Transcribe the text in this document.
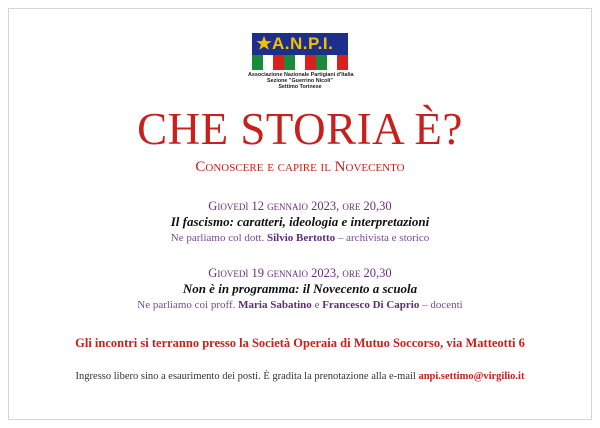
A.N.P.I.
Associazione Nazionale Partigiani d'Italia
Sezione "Guerrino Nicoli"
Settimo Torinese
CHE STORIA È?
Conoscere e capire il Novecento
Giovedì 12 gennaio 2023, ore 20,30
Il fascismo: caratteri, ideologia e interpretazioni
Ne parliamo col dott. Silvio Bertotto – archivista e storico
Giovedì 19 gennaio 2023, ore 20,30
Non è in programma: il Novecento a scuola
Ne parliamo coi proff. Maria Sabatino e Francesco Di Caprio – docenti
Gli incontri si terranno presso la Società Operaia di Mutuo Soccorso, via Matteotti 6
Ingresso libero sino a esaurimento dei posti. È gradita la prenotazione alla e-mail anpi.settimo@virgilio.it
